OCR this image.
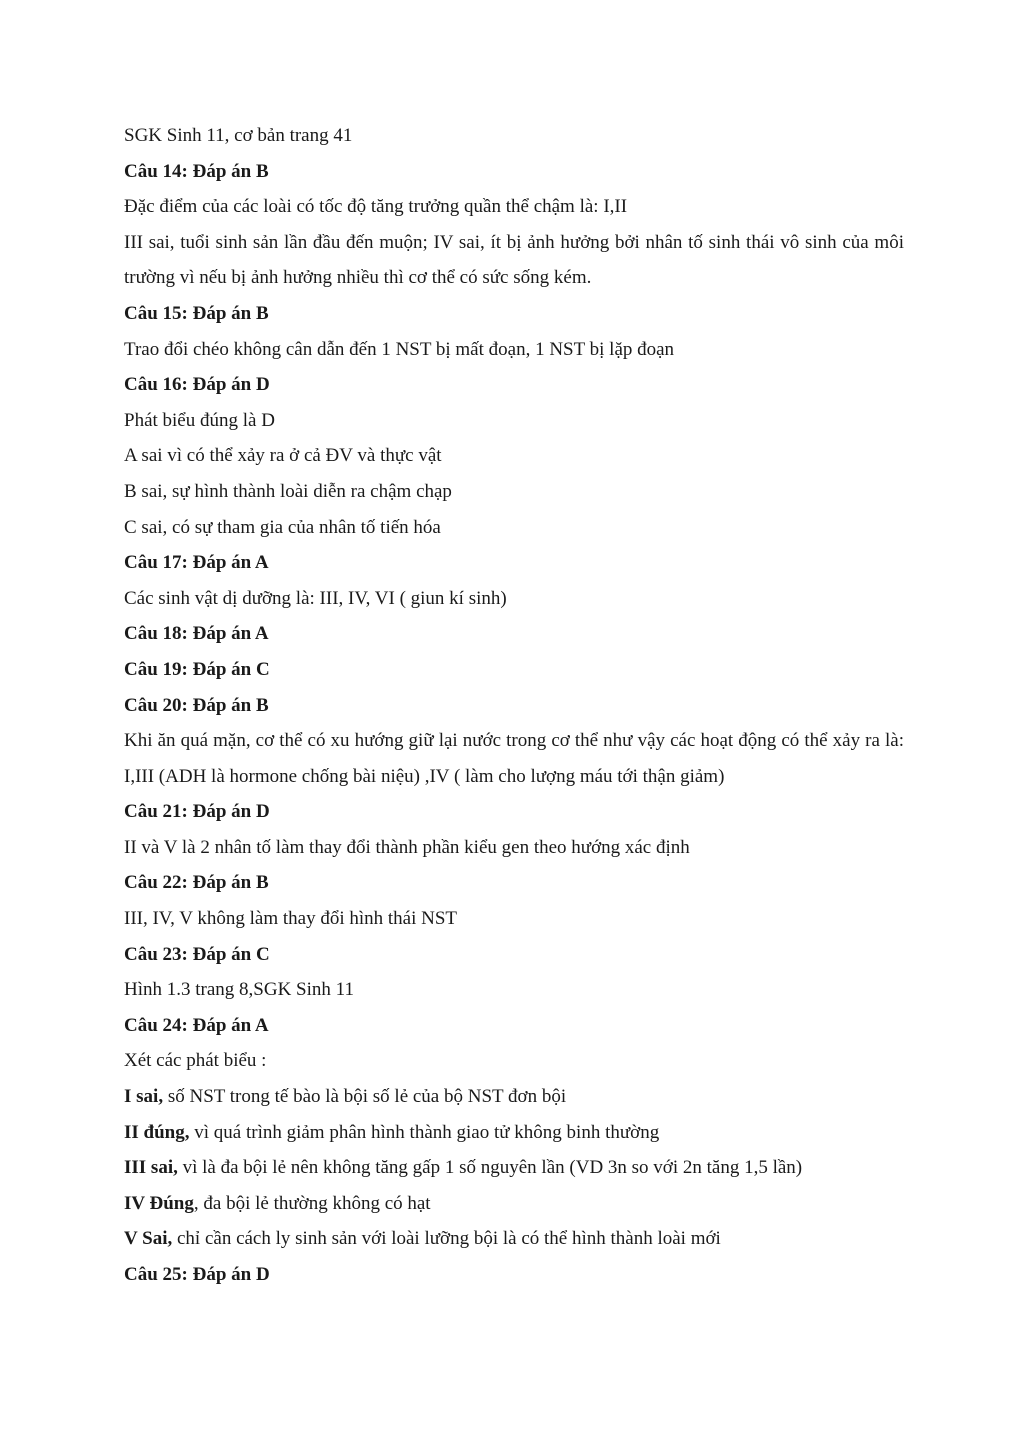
SGK Sinh 11, cơ bản trang 41
Câu 14: Đáp án B
Đặc điểm của các loài có tốc độ tăng trưởng quần thể chậm là: I,II
III sai, tuổi sinh sản lần đầu đến muộn; IV sai, ít bị ảnh hưởng bởi nhân tố sinh thái vô sinh của môi trường vì nếu bị ảnh hưởng nhiều thì cơ thể có sức sống kém.
Câu 15: Đáp án B
Trao đổi chéo không cân dẫn đến 1 NST bị mất đoạn, 1 NST bị lặp đoạn
Câu 16: Đáp án D
Phát biểu đúng là D
A sai vì có thể xảy ra ở cả ĐV và thực vật
B sai, sự hình thành loài diễn ra chậm chạp
C sai, có sự tham gia của nhân tố tiến hóa
Câu 17: Đáp án A
Các sinh vật dị dưỡng là: III, IV, VI ( giun kí sinh)
Câu 18: Đáp án A
Câu 19: Đáp án C
Câu 20: Đáp án B
Khi ăn quá mặn, cơ thể có xu hướng giữ lại nước trong cơ thể như vậy các hoạt động có thể xảy ra là: I,III (ADH là hormone chống bài niệu) ,IV ( làm cho lượng máu tới thận giảm)
Câu 21: Đáp án D
II và V là 2 nhân tố làm thay đổi thành phần kiểu gen theo hướng xác định
Câu 22: Đáp án B
III, IV, V không làm thay đổi hình thái NST
Câu 23: Đáp án C
Hình 1.3 trang 8,SGK Sinh 11
Câu 24: Đáp án A
Xét các phát biểu :
I sai, số NST trong tế bào là bội số lẻ của bộ NST đơn bội
II đúng, vì quá trình giảm phân hình thành giao tử không binh thường
III sai, vì là đa bội lẻ nên không tăng gấp 1 số nguyên lần (VD 3n so với 2n tăng 1,5 lần)
IV Đúng, đa bội lẻ thường không có hạt
V Sai, chỉ cần cách ly sinh sản với loài lưỡng bội là có thể hình thành loài mới
Câu 25: Đáp án D
